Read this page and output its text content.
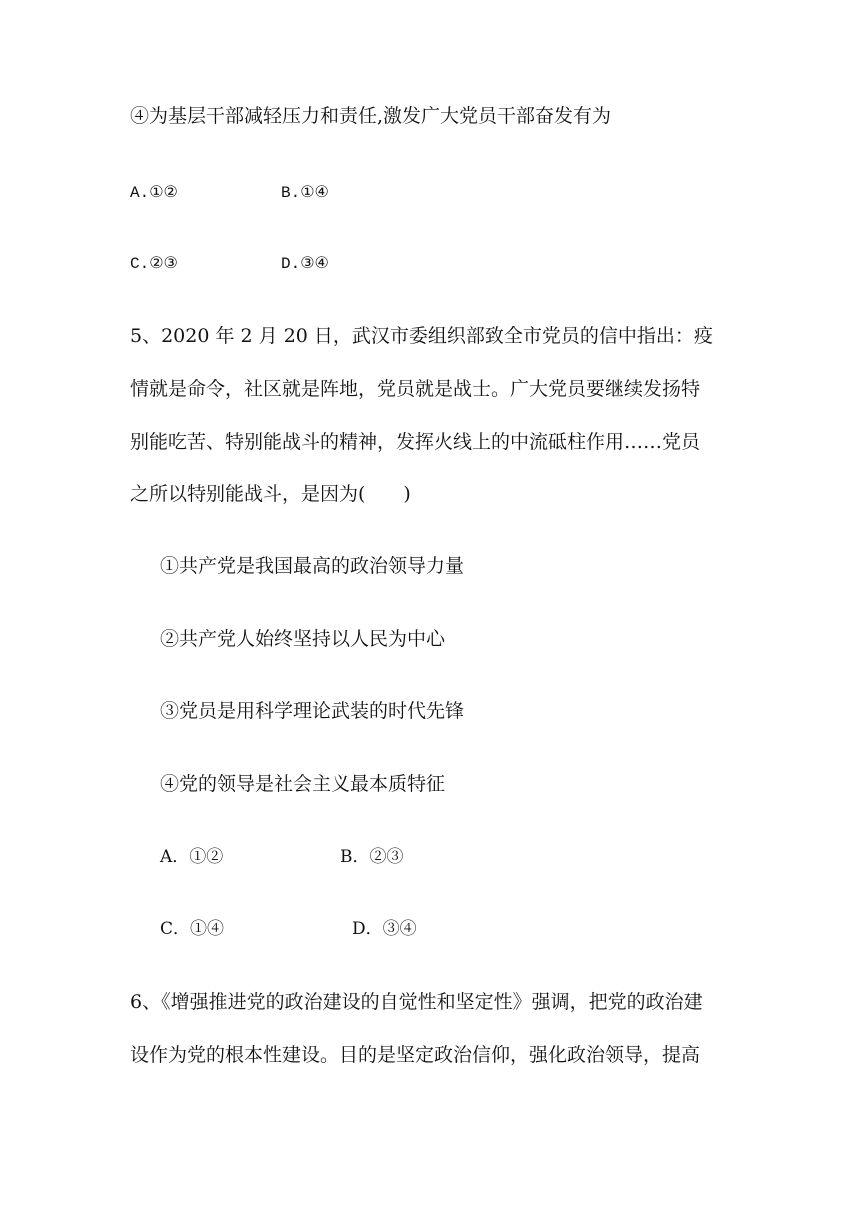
④为基层干部减轻压力和责任,激发广大党员干部奋发有为
A.①②	B.①④
C.②③	D.③④
5、2020 年 2 月 20 日，武汉市委组织部致全市党员的信中指出：疫
情就是命令，社区就是阵地，党员就是战士。广大党员要继续发扬特
别能吃苦、特别能战斗的精神，发挥火线上的中流砥柱作用……党员
之所以特别能战斗，是因为(　　)
①共产党是我国最高的政治领导力量
②共产党人始终坚持以人民为中心
③党员是用科学理论武装的时代先锋
④党的领导是社会主义最本质特征
A．①②	B．②③
C．①④	D．③④
6、《增强推进党的政治建设的自觉性和坚定性》强调，把党的政治建
设作为党的根本性建设。目的是坚定政治信仰，强化政治领导，提高
